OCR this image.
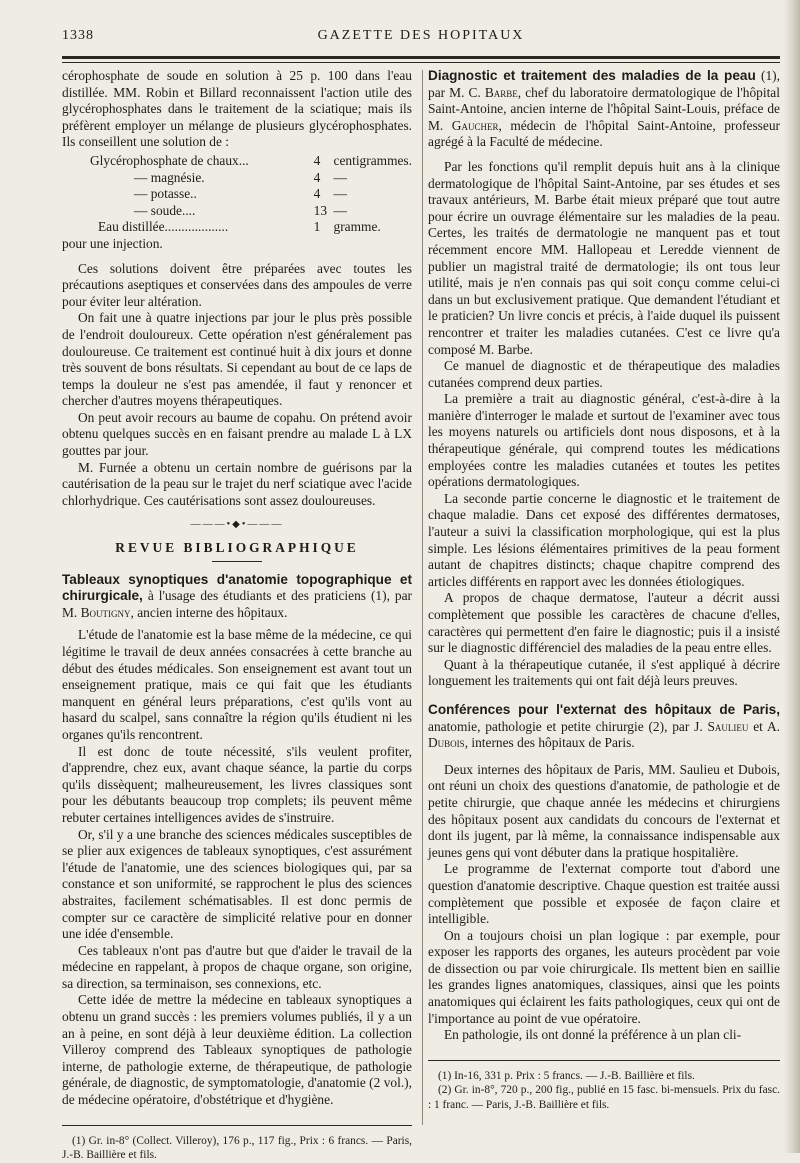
1338	GAZETTE DES HOPITAUX

cérophosphate de soude en solution à 25 p. 100 dans l'eau distillée. MM. Robin et Billard reconnaissent l'action utile des glycérophosphates dans le traitement de la sciatique; mais ils préfèrent employer un mélange de plusieurs glycérophosphates. Ils conseillent une solution de :

Glycérophosphate de chaux...	4	centigrammes.
— magnésie.	4	—
— potasse..	4	—
— soude....	13	—
Eau distillée...................	1	gramme.

pour une injection.

Ces solutions doivent être préparées avec toutes les précautions aseptiques et conservées dans des ampoules de verre pour éviter leur altération.

On fait une à quatre injections par jour le plus près possible de l'endroit douloureux. Cette opération n'est généralement pas douloureuse. Ce traitement est continué huit à dix jours et donne très souvent de bons résultats. Si cependant au bout de ce laps de temps la douleur ne s'est pas amendée, il faut y renoncer et chercher d'autres moyens thérapeutiques.

On peut avoir recours au baume de copahu. On prétend avoir obtenu quelques succès en en faisant prendre au malade L à LX gouttes par jour.

M. Furnée a obtenu un certain nombre de guérisons par la cautérisation de la peau sur le trajet du nerf sciatique avec l'acide chlorhydrique. Ces cautérisations sont assez douloureuses.

———•◆•———
REVUE BIBLIOGRAPHIQUE

Tableaux synoptiques d'anatomie topographique et chirurgicale, à l'usage des étudiants et des praticiens (1), par M. Boutigny, ancien interne des hôpitaux.

L'étude de l'anatomie est la base même de la médecine, ce qui légitime le travail de deux années consacrées à cette branche au début des études médicales. Son enseignement est avant tout un enseignement pratique, mais ce qui fait que les étudiants manquent en général leurs préparations, c'est qu'ils vont au hasard du scalpel, sans connaître la région qu'ils étudient ni les organes qu'ils rencontrent.

Il est donc de toute nécessité, s'ils veulent profiter, d'apprendre, chez eux, avant chaque séance, la partie du corps qu'ils dissèquent; malheureusement, les livres classiques sont pour les débutants beaucoup trop complets; ils peuvent même rebuter certaines intelligences avides de s'instruire.

Or, s'il y a une branche des sciences médicales susceptibles de se plier aux exigences de tableaux synoptiques, c'est assurément l'étude de l'anatomie, une des sciences biologiques qui, par sa constance et son uniformité, se rapprochent le plus des sciences abstraites, facilement schématisables. Il est donc permis de compter sur ce caractère de simplicité relative pour en donner une idée d'ensemble.

Ces tableaux n'ont pas d'autre but que d'aider le travail de la médecine en rappelant, à propos de chaque organe, son origine, sa direction, sa terminaison, ses connexions, etc.

Cette idée de mettre la médecine en tableaux synoptiques a obtenu un grand succès : les premiers volumes publiés, il y a un an à peine, en sont déjà à leur deuxième édition. La collection Villeroy comprend des Tableaux synoptiques de pathologie interne, de pathologie externe, de thérapeutique, de pathologie générale, de diagnostic, de symptomatologie, d'anatomie (2 vol.), de médecine opératoire, d'obstétrique et d'hygiène.

(1) Gr. in-8° (Collect. Villeroy), 176 p., 117 fig., Prix : 6 francs. — Paris, J.-B. Baillière et fils.

Diagnostic et traitement des maladies de la peau (1), par M. C. Barbe, chef du laboratoire dermatologique de l'hôpital Saint-Antoine, ancien interne de l'hôpital Saint-Louis, préface de M. Gaucher, médecin de l'hôpital Saint-Antoine, professeur agrégé à la Faculté de médecine.

Par les fonctions qu'il remplit depuis huit ans à la clinique dermatologique de l'hôpital Saint-Antoine, par ses études et ses travaux antérieurs, M. Barbe était mieux préparé que tout autre pour écrire un ouvrage élémentaire sur les maladies de la peau. Certes, les traités de dermatologie ne manquent pas et tout récemment encore MM. Hallopeau et Leredde viennent de publier un magistral traité de dermatologie; ils ont tous leur utilité, mais je n'en connais pas qui soit conçu comme celui-ci dans un but exclusivement pratique. Que demandent l'étudiant et le praticien? Un livre concis et précis, à l'aide duquel ils puissent rencontrer et traiter les maladies cutanées. C'est ce livre qu'a composé M. Barbe.

Ce manuel de diagnostic et de thérapeutique des maladies cutanées comprend deux parties.

La première a trait au diagnostic général, c'est-à-dire à la manière d'interroger le malade et surtout de l'examiner avec tous les moyens naturels ou artificiels dont nous disposons, et à la thérapeutique générale, qui comprend toutes les médications employées contre les maladies cutanées et toutes les petites opérations dermatologiques.

La seconde partie concerne le diagnostic et le traitement de chaque maladie. Dans cet exposé des différentes dermatoses, l'auteur a suivi la classification morphologique, qui est la plus simple. Les lésions élémentaires primitives de la peau forment autant de chapitres distincts; chaque chapitre comprend des articles différents en rapport avec les données étiologiques.

A propos de chaque dermatose, l'auteur a décrit aussi complètement que possible les caractères de chacune d'elles, caractères qui permettent d'en faire le diagnostic; puis il a insisté sur le diagnostic différenciel des maladies de la peau entre elles.

Quant à la thérapeutique cutanée, il s'est appliqué à décrire longuement les traitements qui ont fait déjà leurs preuves.

Conférences pour l'externat des hôpitaux de Paris, anatomie, pathologie et petite chirurgie (2), par J. Saulieu et A. Dubois, internes des hôpitaux de Paris.

Deux internes des hôpitaux de Paris, MM. Saulieu et Dubois, ont réuni un choix des questions d'anatomie, de pathologie et de petite chirurgie, que chaque année les médecins et chirurgiens des hôpitaux posent aux candidats du concours de l'externat et dont ils jugent, par là même, la connaissance indispensable aux jeunes gens qui vont débuter dans la pratique hospitalière.

Le programme de l'externat comporte tout d'abord une question d'anatomie descriptive. Chaque question est traitée aussi complètement que possible et exposée de façon claire et intelligible.

On a toujours choisi un plan logique : par exemple, pour exposer les rapports des organes, les auteurs procèdent par voie de dissection ou par voie chirurgicale. Ils mettent bien en saillie les grandes lignes anatomiques, classiques, ainsi que les points anatomiques qui éclairent les faits pathologiques, ceux qui ont de l'importance au point de vue opératoire.

En pathologie, ils ont donné la préférence à un plan cli-

(1) In-16, 331 p. Prix : 5 francs. — J.-B. Baillière et fils.

(2) Gr. in-8°, 720 p., 200 fig., publié en 15 fasc. bi-mensuels. Prix du fasc. : 1 franc. — Paris, J.-B. Baillière et fils.
